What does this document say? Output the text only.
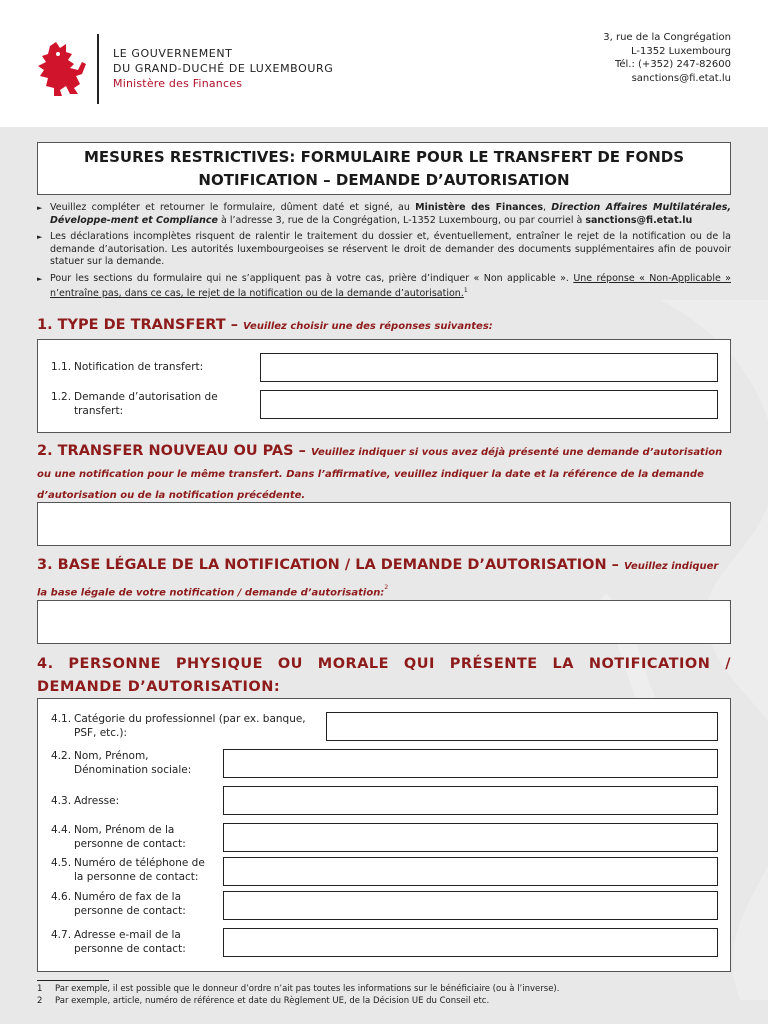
LE GOUVERNEMENT
DU GRAND-DUCHÉ DE LUXEMBOURG
Ministère des Finances
3, rue de la Congrégation
L-1352 Luxembourg
Tél.: (+352) 247-82600
sanctions@fi.etat.lu
MESURES RESTRICTIVES: FORMULAIRE POUR LE TRANSFERT DE FONDS
NOTIFICATION – DEMANDE D’AUTORISATION
► Veuillez compléter et retourner le formulaire, dûment daté et signé, au Ministère des Finances, Direction Affaires Multilatérales, Développe-ment et Compliance à l’adresse 3, rue de la Congrégation, L-1352 Luxembourg, ou par courriel à sanctions@fi.etat.lu
► Les déclarations incomplètes risquent de ralentir le traitement du dossier et, éventuellement, entraîner le rejet de la notification ou de la demande d’autorisation. Les autorités luxembourgeoises se réservent le droit de demander des documents supplémentaires afin de pouvoir statuer sur la demande.
► Pour les sections du formulaire qui ne s’appliquent pas à votre cas, prière d’indiquer « Non applicable ». Une réponse « Non-Applicable » n’entraîne pas, dans ce cas, le rejet de la notification ou de la demande d’autorisation.$^1$
1. TYPE DE TRANSFERT – Veuillez choisir une des réponses suivantes:
1.1. Notification de transfert:
1.2. Demande d’autorisation de
transfert:
2. TRANSFER NOUVEAU OU PAS – Veuillez indiquer si vous avez déjà présenté une demande d’autorisation ou une notification pour le même transfert. Dans l’affirmative, veuillez indiquer la date et la référence de la demande d’autorisation ou de la notification précédente.
3. BASE LÉGALE DE LA NOTIFICATION / LA DEMANDE D’AUTORISATION – Veuillez indiquer la base légale de votre notification / demande d’autorisation:$^2$
4. PERSONNE PHYSIQUE OU MORALE QUI PRÉSENTE LA NOTIFICATION / DEMANDE D’AUTORISATION:
4.1. Catégorie du professionnel (par ex. banque,
PSF, etc.):
4.2. Nom, Prénom,
Dénomination sociale:
4.3. Adresse:
4.4. Nom, Prénom de la
personne de contact:
4.5. Numéro de téléphone de
la personne de contact:
4.6. Numéro de fax de la
personne de contact:
4.7. Adresse e-mail de la
personne de contact:
1 Par exemple, il est possible que le donneur d’ordre n’ait pas toutes les informations sur le bénéficiaire (ou à l’inverse).
2 Par exemple, article, numéro de référence et date du Règlement UE, de la Décision UE du Conseil etc.
